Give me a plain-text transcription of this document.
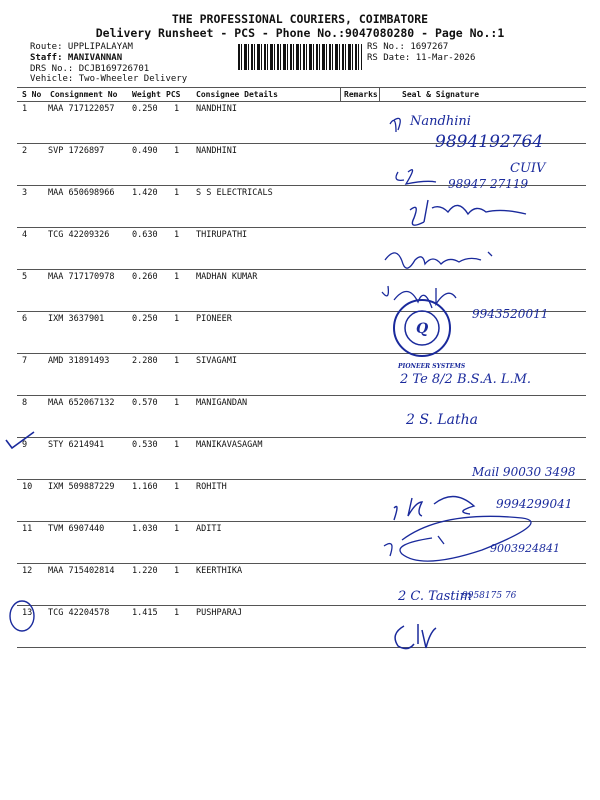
THE PROFESSIONAL COURIERS, COIMBATORE
Delivery Runsheet - PCS - Phone No.:9047080280 - Page No.:1
Route: UPPLIPALAYAM
Staff: MANIVANNAN
DRS No.: DCJB169726701
Vehicle: Two-Wheeler Delivery
RS No.: 1697267
RS Date: 11-Mar-2026
S No Consignment No Weight PCS Consignee Details	Remarks	Seal & Signature
1 MAA 717122057 0.250 1 NANDHINI
2 SVP 1726897	0.490 1 NANDHINI
3 MAA 650698966 1.420 1 S S ELECTRICALS
4 TCG 42209326	0.630 1 THIRUPATHI
5 MAA 717170978 0.260 1 MADHAN KUMAR
6 IXM 3637901	0.250 1 PIONEER
7 AMD 31891493	2.280 1 SIVAGAMI
8 MAA 652067132 0.570 1 MANIGANDAN
9 STY 6214941	0.530 1 MANIKAVASAGAM
10 IXM 509887229 1.160 1 ROHITH
11 TVM 6907440	1.030 1 ADITI
12 MAA 715402814 1.220 1 KEERTHIKA
13 TCG 42204578	1.415 1 PUSHPARAJ
Nandhini
9894192764
98947 27119
CUIV
9943520011
Q
PIONEER SYSTEMS
2 Te 8/2 B.S.A. L.M.
2 S. Latha
Mail 90030 3498
9994299041
9003924841
2 C. Tastim
9958175 76
